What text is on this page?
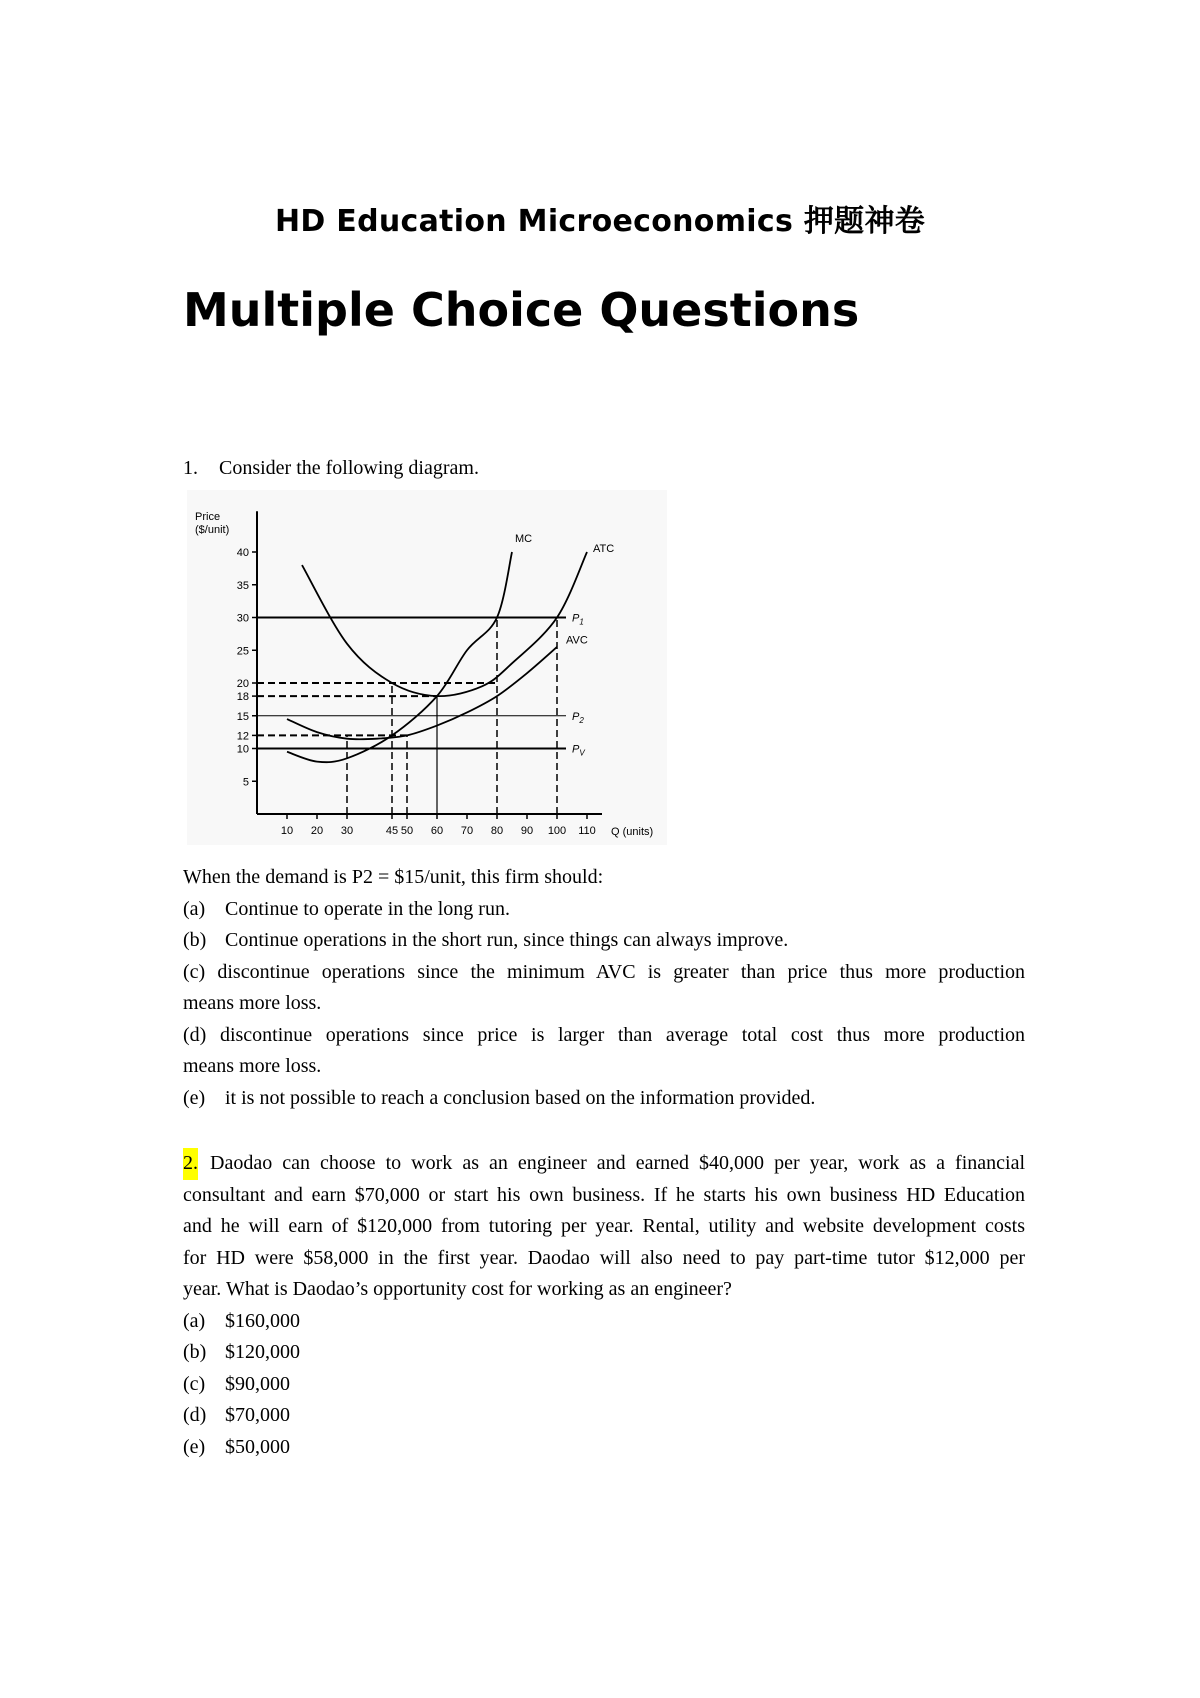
HD Education Microeconomics 押题神卷
Multiple Choice Questions
1. Consider the following diagram.
Price
($/unit)
Q (units)
5
10
12
15
18
20
25
30
35
40
10 20 30	45 50 60 70 80 90 100 110
$P_1$
$P_2$
$P_V$
MC
ATC
AVC
When the demand is P2 = $15/unit, this firm should:
(a) Continue to operate in the long run.
(b) Continue operations in the short run, since things can always improve.
(c) discontinue operations since the minimum AVC is greater than price thus more production
means more loss.
(d) discontinue operations since price is larger than average total cost thus more production
means more loss.
(e) it is not possible to reach a conclusion based on the information provided.
2. Daodao can choose to work as an engineer and earned $40,000 per year, work as a financial
consultant and earn $70,000 or start his own business. If he starts his own business HD Education
and he will earn of $120,000 from tutoring per year. Rental, utility and website development costs
for HD were $58,000 in the first year. Daodao will also need to pay part-time tutor $12,000 per
year. What is Daodao’s opportunity cost for working as an engineer?
(a) $160,000
(b) $120,000
(c) $90,000
(d) $70,000
(e) $50,000
